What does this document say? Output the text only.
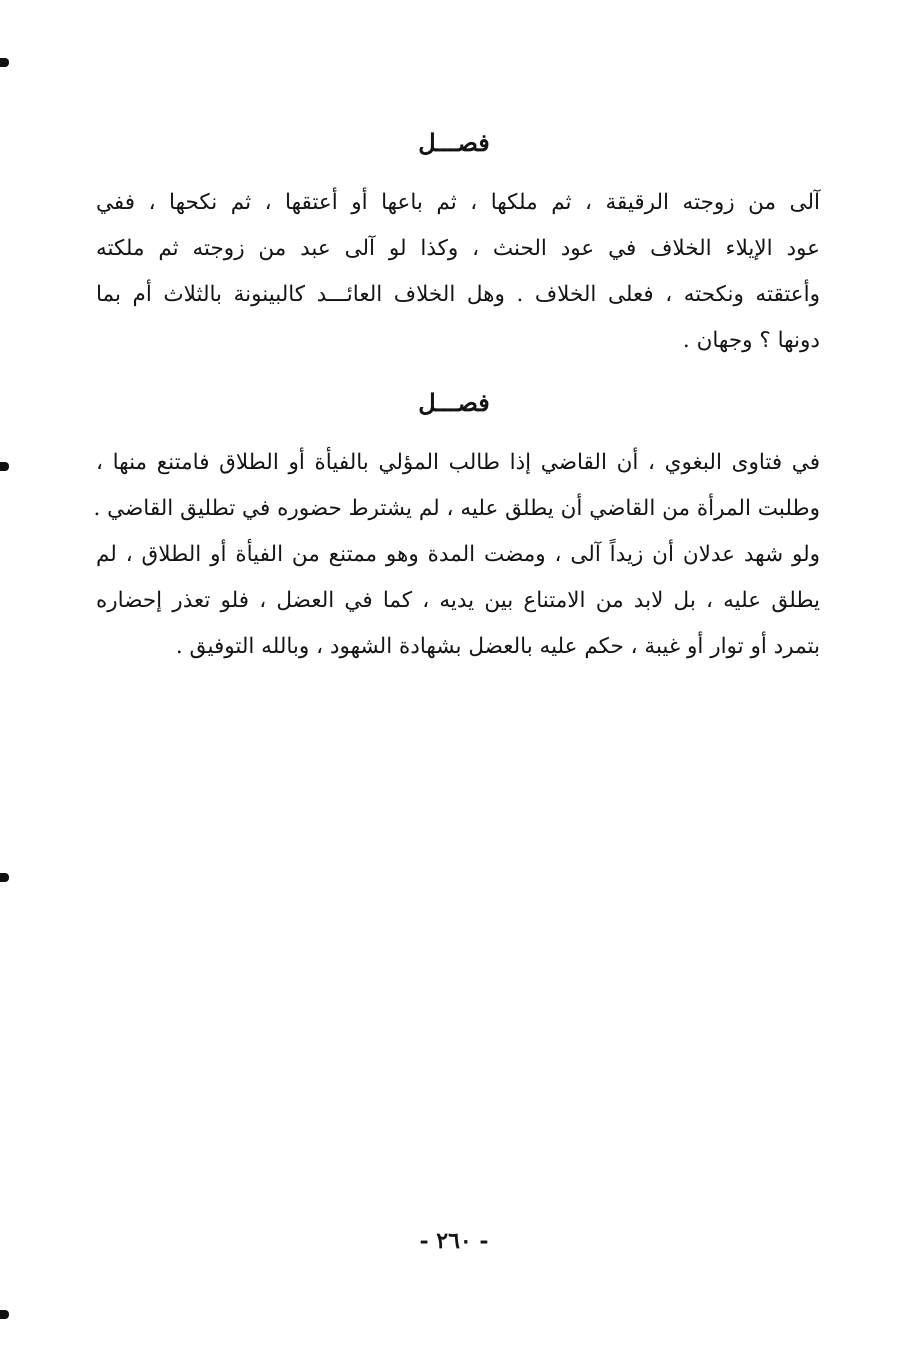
فصـــل
آلى من زوجته الرقيقة ، ثم ملكها ، ثم باعها أو أعتقها ، ثم نكحها ، ففي
عود الإيلاء الخلاف في عود الحنث ، وكذا لو آلى عبد من زوجته ثم ملكته
وأعتقته ونكحته ، فعلى الخلاف . وهل الخلاف العائـــد كالبينونة بالثلاث أم بما
دونها ؟ وجهان .
فصـــل
في فتاوى البغوي ، أن القاضي إذا طالب المؤلي بالفيأة أو الطلاق فامتنع منها ،
وطلبت المرأة من القاضي أن يطلق عليه ، لم يشترط حضوره في تطليق القاضي .
ولو شهد عدلان أن زيداً آلى ، ومضت المدة وهو ممتنع من الفيأة أو الطلاق ، لم
يطلق عليه ، بل لابد من الامتناع بين يديه ، كما في العضل ، فلو تعذر إحضاره
بتمرد أو توار أو غيبة ، حكم عليه بالعضل بشهادة الشهود ، وبالله التوفيق .
- ٢٦٠ -
